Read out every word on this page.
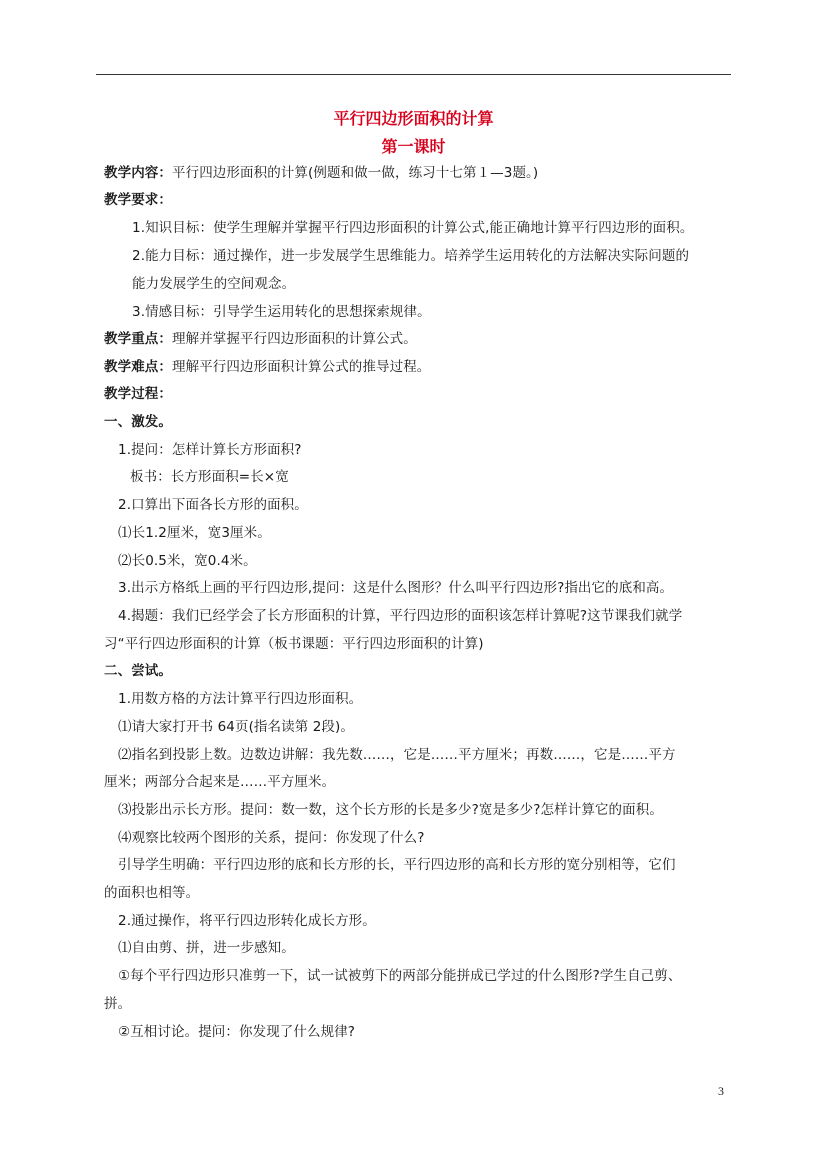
平行四边形面积的计算
第一课时
教学内容：平行四边形面积的计算(例题和做一做，练习十七第１—3题。)
教学要求：
1.知识目标：使学生理解并掌握平行四边形面积的计算公式,能正确地计算平行四边形的面积。
2.能力目标：通过操作，进一步发展学生思维能力。培养学生运用转化的方法解决实际问题的
能力发展学生的空间观念。
3.情感目标：引导学生运用转化的思想探索规律。
教学重点：理解并掌握平行四边形面积的计算公式。
教学难点：理解平行四边形面积计算公式的推导过程。
教学过程：
一、激发。
1.提问：怎样计算长方形面积?
板书：长方形面积=长×宽
2.口算出下面各长方形的面积。
⑴长1.2厘米，宽3厘米。
⑵长0.5米，宽0.4米。
3.出示方格纸上画的平行四边形,提问：这是什么图形？什么叫平行四边形?指出它的底和高。
4.揭题：我们已经学会了长方形面积的计算，平行四边形的面积该怎样计算呢?这节课我们就学
习“平行四边形面积的计算（板书课题：平行四边形面积的计算)
二、尝试。
1.用数方格的方法计算平行四边形面积。
⑴请大家打开书 64页(指名读第 2段)。
⑵指名到投影上数。边数边讲解：我先数……，它是……平方厘米；再数……，它是……平方
厘米；两部分合起来是……平方厘米。
⑶投影出示长方形。提问：数一数，这个长方形的长是多少?宽是多少?怎样计算它的面积。
⑷观察比较两个图形的关系，提问：你发现了什么?
引导学生明确：平行四边形的底和长方形的长，平行四边形的高和长方形的宽分别相等，它们
的面积也相等。
2.通过操作，将平行四边形转化成长方形。
⑴自由剪、拼，进一步感知。
①每个平行四边形只准剪一下，试一试被剪下的两部分能拼成已学过的什么图形?学生自己剪、
拼。
②互相讨论。提问：你发现了什么规律?
3
